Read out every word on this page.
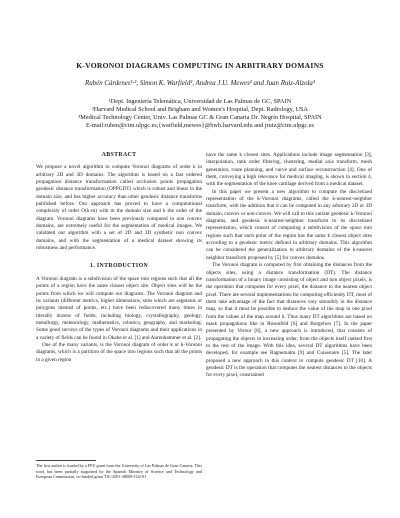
K-VORONOI DIAGRAMS COMPUTING IN ARBITRARY DOMAINS
Rubén Cárdenes¹·³, Simon K. Warfield², Andrea J.U. Mewes² and Juan Ruiz-Alzola³
¹Dept. Ingeniería Telemática, Universidad de Las Palmas de GC, SPAIN
²Harvard Medical School and Brigham and Women's Hospital, Dept. Radiology, USA
³Medical Technology Center, Univ. Las Palmas GC & Gran Canaria Dr. Negrín Hospital, SPAIN
E-mail:ruben@ctm.ulpgc.es,{warfield,mewes}@bwh.harvard.edu and jruiz@ctm.ulpgc.es
ABSTRACT

We propose a novel algorithm to compute Voronoi diagrams of order k in arbitrary 2D and 3D domains. The algorithm is based on a fast ordered propagation distance transformation called occlusion points propagation geodesic distance transformation (OPPGDT) which is robust and linear in the domain size, and has higher accuracy than other geodesic distance transforms published before. Our approach has proved to have a computational complexity of order O(k·m) with m the domain size and k the order of the diagram. Voronoi diagrams have been previously computed in non convex domains, are extremely useful for the segmentation of medical images. We validated our algorithm with a set of 2D and 3D synthetic non convex domains, and with the segmentation of a medical dataset showing its robustness and performance.

1. INTRODUCTION

A Voronoi diagram is a subdivision of the space into regions such that all the points of a region have the same closest object site. Object sites will be the points from which we will compute our diagrams. The Voronoi diagram and its variants (different metrics, higher dimensions, sites which are segments or polygons instead of points, etc.) have been rediscovered many times in literally dozens of fields, including biology, crystallography, geology, metallurgy, meteorology, mathematics, robotics, geography, and marketing. Some good surveys of the types of Voronoi diagrams and their applications in a variety of fields can be found in Okabe et al. [1] and Aurenhammer et al. [2].

One of the many variants, is the Voronoi diagram of order k or k-Voronoi diagrams, which is a partition of the space into regions such that all the points in a given region

The first author is funded by a FPU grant from the University of Las Palmas de Gran Canaria. This work has been partially supported by the Spanish Ministry of Science and Technology and European Commission, co-funded grant TIC-2001-38008-C02-01

have the same k closest sites. Applications include image segmentation [3], interpolation, rank order filtering, clustering, medial axis transform, mesh generation, route planning, and curve and surface reconstruction [4]. One of them, conveying a high relevance for medical imaging, is shown in section 4, with the segmentation of the knee cartilage derived from a medical dataset.

In this paper we present a new algorithm to compute the discretized representation of the k-Voronoi diagrams, called the k-nearest-neighbor transform, with the addition that it can be computed in any arbitrary 2D or 3D domain, convex or non-convex. We will call to this variant geodesic k-Voronoi diagrams, and geodesic k-nearest-neighbor transform to its discretized representation, which consist of computing a subdivision of the space into regions such that each point of the region has the same k closest object sites according to a geodesic metric defined in arbitrary domains. This algorithm can be considered the generalization to arbitrary domains of the k-nearest neighbor transform proposed by [5] for convex domains.

The Voronoi diagram is computed by first obtaining the distances from the objects sites, using a distance transformation (DT). The distance transformation of a binary image consisting of object and non object pixels, is the operation that computes for every pixel, the distance to the nearest object pixel. There are several implementations for computing efficiently DT, most of them take advantage of the fact that distances vary smoothly in the distance map, so that it must be possible to deduce the value of the map in one pixel from the values of the map around it. Thus many DT algorithms are based on mask propagations like in Rosenfeld [6] and Borgefors [7]. In the paper presented by Vernor [8], a new approach is introduced, that consists of propagating the objects in increasing order, from the objects itself ranked first to the rest of the image. With this idea, several DT algorithms have been developed, for example see Ragnemalm [9] and Cuisenaire [5]. The later proposed a new approach in this context to compute geodesic DT [10]. A geodesic DT is the operation that computes the nearest distances to the objects for every pixel, constrained
